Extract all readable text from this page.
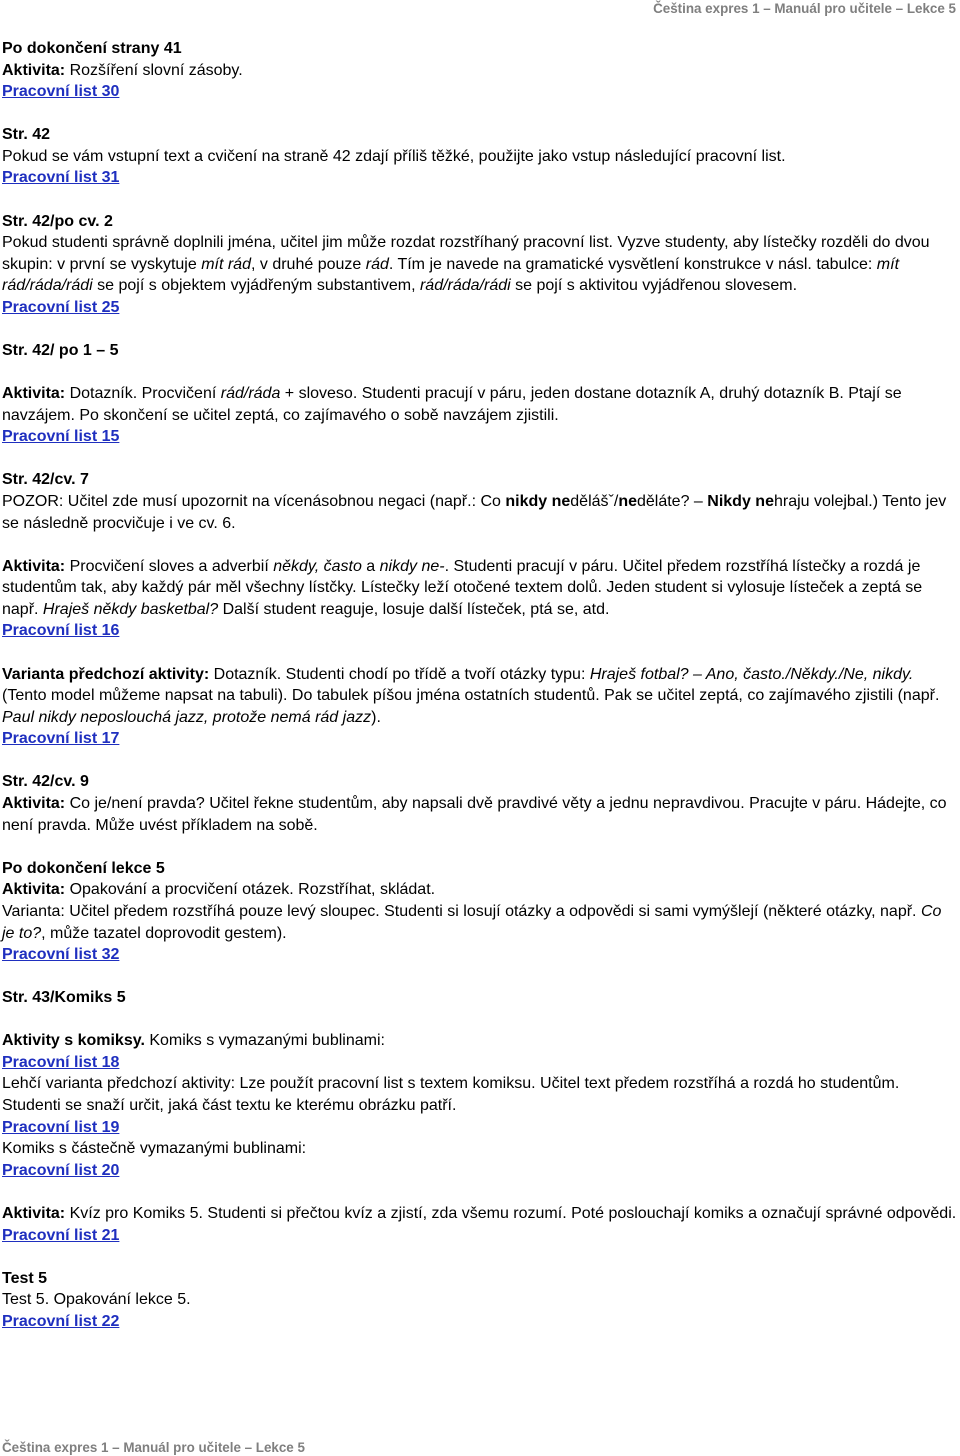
Čeština expres 1 – Manuál pro učitele – Lekce 5
Po dokončení strany 41
Aktivita: Rozšíření slovní zásoby.
Pracovní list 30
Str. 42
Pokud se vám vstupní text a cvičení na straně 42 zdají příliš těžké, použijte jako vstup následující pracovní list.
Pracovní list 31
Str. 42/po cv. 2
Pokud studenti správně doplnili jména, učitel jim může rozdat rozstříhaný pracovní list. Vyzve studenty, aby lístečky rozděli do dvou skupin: v první se vyskytuje mít rád, v druhé pouze rád. Tím je navede na gramatické vysvětlení konstrukce v násl. tabulce: mít rád/ráda/rádi se pojí s objektem vyjádřeným substantivem, rád/ráda/rádi se pojí s aktivitou vyjádřenou slovesem.
Pracovní list 25
Str. 42/ po 1 – 5
Aktivita: Dotazník. Procvičení rád/ráda + sloveso. Studenti pracují v páru, jeden dostane dotazník A, druhý dotazník B. Ptají se navzájem. Po skončení se učitel zeptá, co zajímavého o sobě navzájem zjistili.
Pracovní list 15
Str. 42/cv. 7
POZOR: Učitel zde musí upozornit na vícenásobnou negaci (např.: Co nikdy nedělášˇ/neděláte? – Nikdy nehraju volejbal.) Tento jev se následně procvičuje i ve cv. 6.
Aktivita: Procvičení sloves a adverbií někdy, často a nikdy ne-. Studenti pracují v páru. Učitel předem rozstříhá lístečky a rozdá je studentům tak, aby každý pár měl všechny lístčky. Lístečky leží otočené textem dolů. Jeden student si vylosuje lísteček a zeptá se např. Hraješ někdy basketbal? Další student reaguje, losuje další lísteček, ptá se, atd.
Pracovní list 16
Varianta předchozí aktivity: Dotazník. Studenti chodí po třídě a tvoří otázky typu: Hraješ fotbal? – Ano, často./Někdy./Ne, nikdy. (Tento model můžeme napsat na tabuli). Do tabulek píšou jména ostatních studentů. Pak se učitel zeptá, co zajímavého zjistili (např. Paul nikdy neposlouchá jazz, protože nemá rád jazz).
Pracovní list 17
Str. 42/cv. 9
Aktivita: Co je/není pravda? Učitel řekne studentům, aby napsali dvě pravdivé věty a jednu nepravdivou. Pracujte v páru. Hádejte, co není pravda. Může uvést příkladem na sobě.
Po dokončení lekce 5
Aktivita: Opakování a procvičení otázek. Rozstříhat, skládat.
Varianta: Učitel předem rozstříhá pouze levý sloupec. Studenti si losují otázky a odpovědi si sami vymýšlejí (některé otázky, např. Co je to?, může tazatel doprovodit gestem).
Pracovní list 32
Str. 43/Komiks 5
Aktivity s komiksy. Komiks s vymazanými bublinami:
Pracovní list 18
Lehčí varianta předchozí aktivity: Lze použít pracovní list s textem komiksu. Učitel text předem rozstříhá a rozdá ho studentům. Studenti se snaží určit, jaká část textu ke kterému obrázku patří.
Pracovní list 19
Komiks s částečně vymazanými bublinami:
Pracovní list 20
Aktivita: Kvíz pro Komiks 5. Studenti si přečtou kvíz a zjistí, zda všemu rozumí. Poté poslouchají komiks a označují správné odpovědi.
Pracovní list 21
Test 5
Test 5. Opakování lekce 5.
Pracovní list 22
Čeština expres 1 – Manuál pro učitele – Lekce 5
